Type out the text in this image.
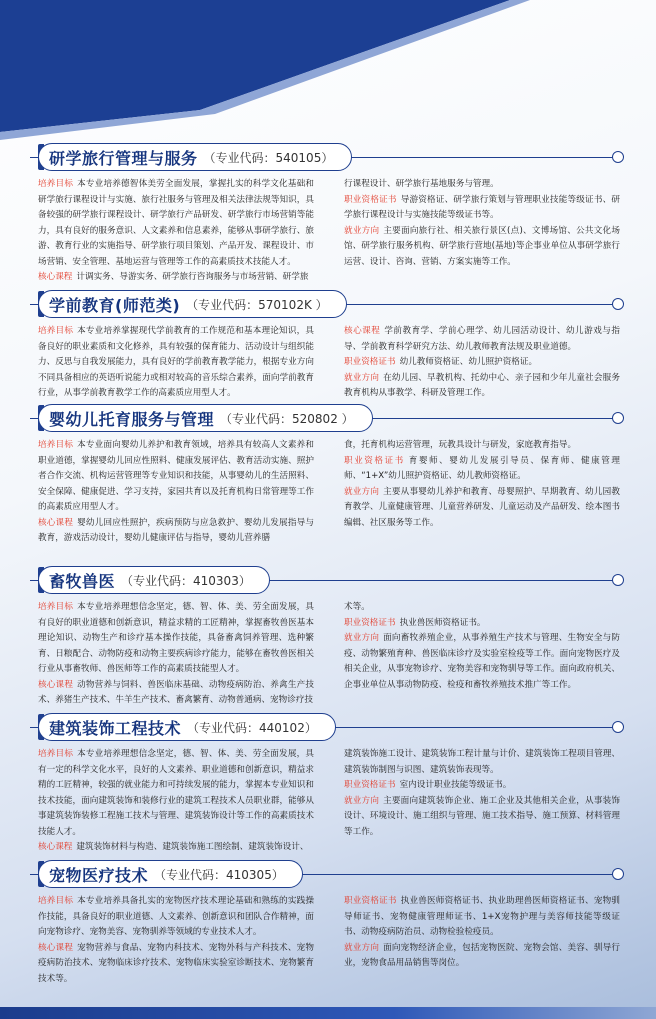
研学旅行管理与服务 （专业代码：540105）

培养目标 本专业培养德智体美劳全面发展，掌握扎实的科学文化基础和研学旅行课程设计与实施、旅行社服务与管理及相关法律法规等知识，具备较强的研学旅行课程设计、研学旅行产品研发、研学旅行市场营销等能力，具有良好的服务意识、人文素养和信息素养，能够从事研学旅行、旅游、教育行业的实施指导、研学旅行项目策划、产品开发、课程设计、市场营销、安全管理、基地运营与管理等工作的高素质技术技能人才。

核心课程 计调实务、导游实务、研学旅行咨询服务与市场营销、研学旅

行课程设计、研学旅行基地服务与管理。

职业资格证书 导游资格证、研学旅行策划与管理职业技能等级证书、研学旅行课程设计与实施技能等级证书等。

就业方向 主要面向旅行社、相关旅行景区(点)、文博场馆、公共文化场馆、研学旅行服务机构、研学旅行营地(基地)等企事业单位从事研学旅行运营、设计、咨询、营销、方案实施等工作。

学前教育(师范类) （专业代码：570102K ）

培养目标 本专业培养掌握现代学前教育的工作规范和基本理论知识，具备良好的职业素质和文化修养，具有较强的保育能力、活动设计与组织能力、反思与自我发展能力，具有良好的学前教育教学能力，根据专业方向不同具备相应的英语听说能力或相对较高的音乐综合素养，面向学前教育行业，从事学前教育教学工作的高素质应用型人才。

核心课程 学前教育学、学前心理学、幼儿园活动设计、幼儿游戏与指导、学前教育科学研究方法、幼儿教师教育法规及职业道德。

职业资格证书 幼儿教师资格证、幼儿照护资格证。

就业方向 在幼儿园、早教机构、托幼中心、亲子园和少年儿童社会服务教育机构从事教学、科研及管理工作。

婴幼儿托育服务与管理 （专业代码：520802 ）

培养目标 本专业面向婴幼儿养护和教育领域，培养具有较高人文素养和职业道德，掌握婴幼儿回应性照料、健康发展评估、教育活动实施、照护者合作交流、机构运营管理等专业知识和技能，从事婴幼儿的生活照料、安全保障、健康促进、学习支持，家园共育以及托育机构日常管理等工作的高素质应用型人才。

核心课程 婴幼儿回应性照护，疾病预防与应急救护、婴幼儿发展指导与教育，游戏活动设计，婴幼儿健康评估与指导，婴幼儿营养膳

食，托育机构运营管理，玩教具设计与研发，家庭教育指导。

职业资格证书 育婴师、婴幼儿发展引导员、保育师、健康管理师、“1+X”幼儿照护资格证、幼儿教师资格证。

就业方向 主要从事婴幼儿养护和教育、母婴照护、早期教育、幼儿园教育教学、儿童健康管理、儿童营养研发、儿童运动及产品研发、绘本图书编辑、社区服务等工作。

畜牧兽医 （专业代码：410303）

培养目标 本专业培养理想信念坚定，德、智、体、美、劳全面发展，具有良好的职业道德和创新意识，精益求精的工匠精神，掌握畜牧兽医基本理论知识、动物生产和诊疗基本操作技能，具备畜禽饲养管理、选种繁育、日粮配合、动物防疫和动物主要疾病诊疗能力，能够在畜牧兽医相关行业从事畜牧师、兽医师等工作的高素质技能型人才。

核心课程 动物营养与饲料、兽医临床基础、动物疫病防治、养禽生产技术、养猪生产技术、牛羊生产技术、畜禽繁育、动物普通病、宠物诊疗技

术等。

职业资格证书 执业兽医师资格证书。

就业方向 面向畜牧养殖企业，从事养殖生产技术与管理、生物安全与防疫、动物繁殖育种、兽医临床诊疗及实验室检疫等工作。面向宠物医疗及相关企业，从事宠物诊疗、宠物美容和宠物驯导等工作。面向政府机关、企事业单位从事动物防疫、检疫和畜牧养殖技术推广等工作。

建筑装饰工程技术 （专业代码：440102）

培养目标 本专业培养理想信念坚定，德、智、体、美、劳全面发展，具有一定的科学文化水平，良好的人文素养、职业道德和创新意识，精益求精的工匠精神，较强的就业能力和可持续发展的能力，掌握本专业知识和技术技能，面向建筑装饰和装修行业的建筑工程技术人员职业群，能够从事建筑装饰装修工程施工技术与管理、建筑装饰设计等工作的高素质技术技能人才。

核心课程 建筑装饰材料与构造、建筑装饰施工图绘制、建筑装饰设计、

建筑装饰施工设计、建筑装饰工程计量与计价、建筑装饰工程项目管理、建筑装饰制图与识图、建筑装饰表现等。

职业资格证书 室内设计职业技能等级证书。

就业方向 主要面向建筑装饰企业、施工企业及其他相关企业，从事装饰设计、环境设计、施工组织与管理、施工技术指导、施工预算、材料管理等工作。

宠物医疗技术 （专业代码：410305）

培养目标 本专业培养具备扎实的宠物医疗技术理论基础和熟练的实践操作技能，具备良好的职业道德、人文素养、创新意识和团队合作精神，面向宠物诊疗、宠物美容、宠物驯养等领域的专业技术人才。

核心课程 宠物营养与食品、宠物内科技术、宠物外科与产科技术、宠物疫病防治技术、宠物临床诊疗技术、宠物临床实验室诊断技术、宠物繁育技术等。

职业资格证书 执业兽医师资格证书、执业助理兽医师资格证书、宠物驯导师证书、宠物健康管理师证书、1+X宠物护理与美容师技能等级证书、动物疫病防治员、动物检验检疫员。

就业方向 面向宠物经济企业，包括宠物医院、宠物会馆、美容、驯导行业，宠物食品用品销售等岗位。
